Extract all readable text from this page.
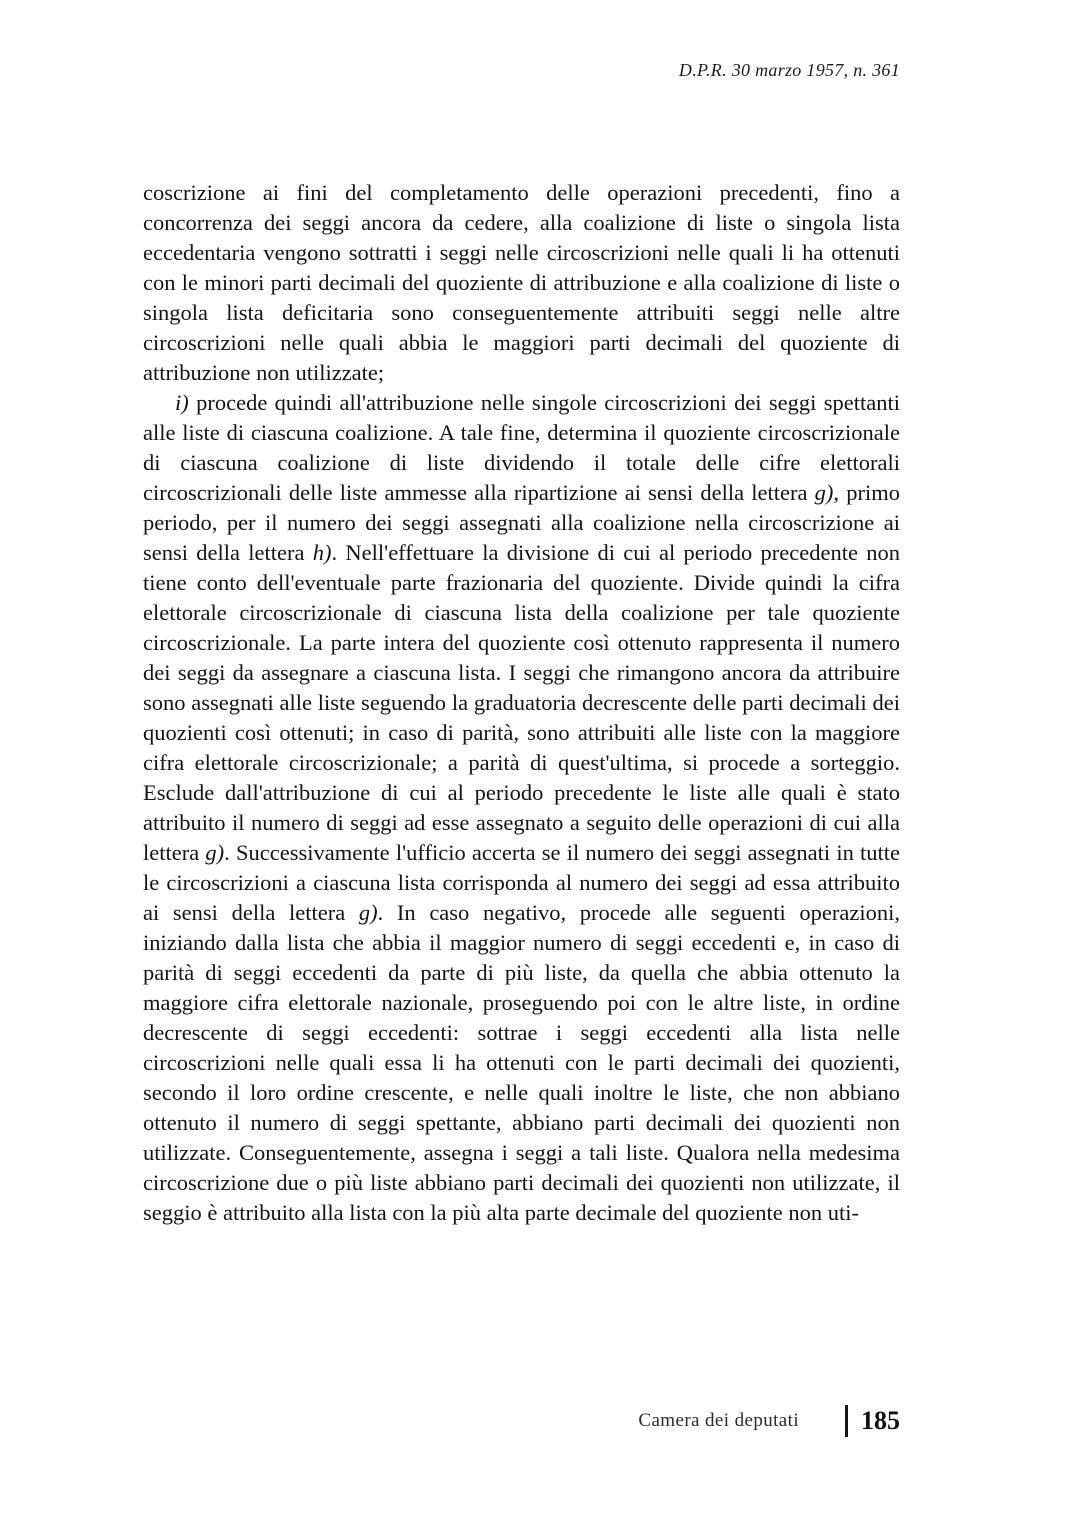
D.P.R. 30 marzo 1957, n. 361

coscrizione ai fini del completamento delle operazioni precedenti, fino a concorrenza dei seggi ancora da cedere, alla coalizione di liste o singola lista eccedentaria vengono sottratti i seggi nelle circoscrizioni nelle quali li ha ottenuti con le minori parti decimali del quoziente di attribuzione e alla coalizione di liste o singola lista deficitaria sono conseguentemente attribuiti seggi nelle altre circoscrizioni nelle quali abbia le maggiori parti decimali del quoziente di attribuzione non utilizzate;

i) procede quindi all'attribuzione nelle singole circoscrizioni dei seggi spettanti alle liste di ciascuna coalizione. A tale fine, determina il quoziente circoscrizionale di ciascuna coalizione di liste dividendo il totale delle cifre elettorali circoscrizionali delle liste ammesse alla ripartizione ai sensi della lettera g), primo periodo, per il numero dei seggi assegnati alla coalizione nella circoscrizione ai sensi della lettera h). Nell'effettuare la divisione di cui al periodo precedente non tiene conto dell'eventuale parte frazionaria del quoziente. Divide quindi la cifra elettorale circoscrizionale di ciascuna lista della coalizione per tale quoziente circoscrizionale. La parte intera del quoziente così ottenuto rappresenta il numero dei seggi da assegnare a ciascuna lista. I seggi che rimangono ancora da attribuire sono assegnati alle liste seguendo la graduatoria decrescente delle parti decimali dei quozienti così ottenuti; in caso di parità, sono attribuiti alle liste con la maggiore cifra elettorale circoscrizionale; a parità di quest'ultima, si procede a sorteggio. Esclude dall'attribuzione di cui al periodo precedente le liste alle quali è stato attribuito il numero di seggi ad esse assegnato a seguito delle operazioni di cui alla lettera g). Successivamente l'ufficio accerta se il numero dei seggi assegnati in tutte le circoscrizioni a ciascuna lista corrisponda al numero dei seggi ad essa attribuito ai sensi della lettera g). In caso negativo, procede alle seguenti operazioni, iniziando dalla lista che abbia il maggior numero di seggi eccedenti e, in caso di parità di seggi eccedenti da parte di più liste, da quella che abbia ottenuto la maggiore cifra elettorale nazionale, proseguendo poi con le altre liste, in ordine decrescente di seggi eccedenti: sottrae i seggi eccedenti alla lista nelle circoscrizioni nelle quali essa li ha ottenuti con le parti decimali dei quozienti, secondo il loro ordine crescente, e nelle quali inoltre le liste, che non abbiano ottenuto il numero di seggi spettante, abbiano parti decimali dei quozienti non utilizzate. Conseguentemente, assegna i seggi a tali liste. Qualora nella medesima circoscrizione due o più liste abbiano parti decimali dei quozienti non utilizzate, il seggio è attribuito alla lista con la più alta parte decimale del quoziente non uti-

Camera dei deputati 185
